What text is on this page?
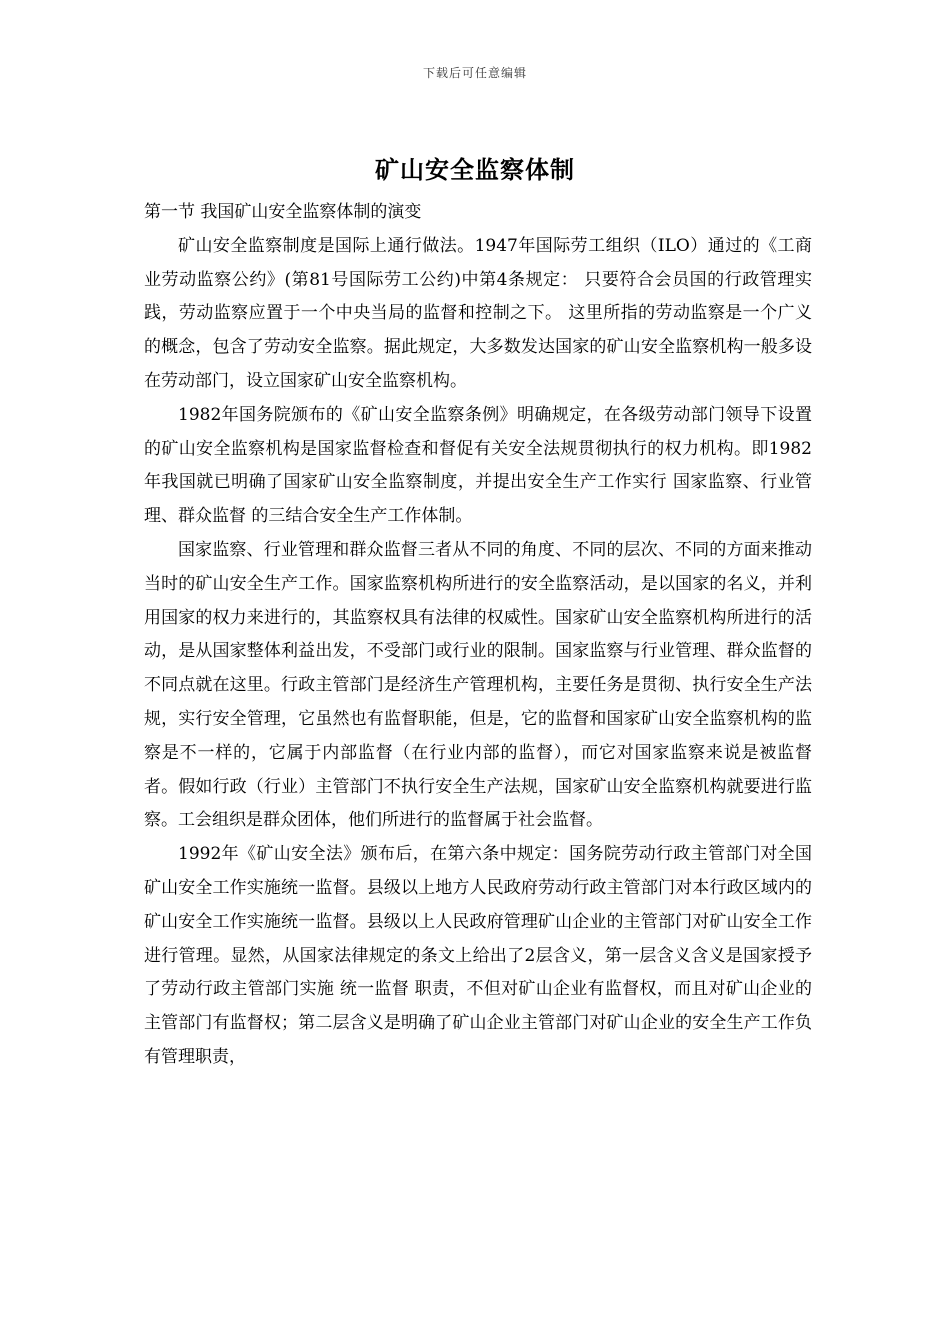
下载后可任意编辑
矿山安全监察体制
第一节 我国矿山安全监察体制的演变

矿山安全监察制度是国际上通行做法。1947年国际劳工组织（ILO）通过的《工商业劳动监察公约》(第81号国际劳工公约)中第4条规定： 只要符合会员国的行政管理实践，劳动监察应置于一个中央当局的监督和控制之下。 这里所指的劳动监察是一个广义的概念，包含了劳动安全监察。据此规定，大多数发达国家的矿山安全监察机构一般多设在劳动部门，设立国家矿山安全监察机构。

1982年国务院颁布的《矿山安全监察条例》明确规定，在各级劳动部门领导下设置的矿山安全监察机构是国家监督检查和督促有关安全法规贯彻执行的权力机构。即1982年我国就已明确了国家矿山安全监察制度，并提出安全生产工作实行 国家监察、行业管理、群众监督 的三结合安全生产工作体制。

国家监察、行业管理和群众监督三者从不同的角度、不同的层次、不同的方面来推动当时的矿山安全生产工作。国家监察机构所进行的安全监察活动，是以国家的名义，并利用国家的权力来进行的，其监察权具有法律的权威性。国家矿山安全监察机构所进行的活动，是从国家整体利益出发，不受部门或行业的限制。国家监察与行业管理、群众监督的不同点就在这里。行政主管部门是经济生产管理机构，主要任务是贯彻、执行安全生产法规，实行安全管理，它虽然也有监督职能，但是，它的监督和国家矿山安全监察机构的监察是不一样的，它属于内部监督（在行业内部的监督），而它对国家监察来说是被监督者。假如行政（行业）主管部门不执行安全生产法规，国家矿山安全监察机构就要进行监察。工会组织是群众团体，他们所进行的监督属于社会监督。

1992年《矿山安全法》颁布后，在第六条中规定：国务院劳动行政主管部门对全国矿山安全工作实施统一监督。县级以上地方人民政府劳动行政主管部门对本行政区域内的矿山安全工作实施统一监督。县级以上人民政府管理矿山企业的主管部门对矿山安全工作进行管理。显然，从国家法律规定的条文上给出了2层含义，第一层含义含义是国家授予了劳动行政主管部门实施 统一监督 职责，不但对矿山企业有监督权，而且对矿山企业的主管部门有监督权；第二层含义是明确了矿山企业主管部门对矿山企业的安全生产工作负有管理职责，
